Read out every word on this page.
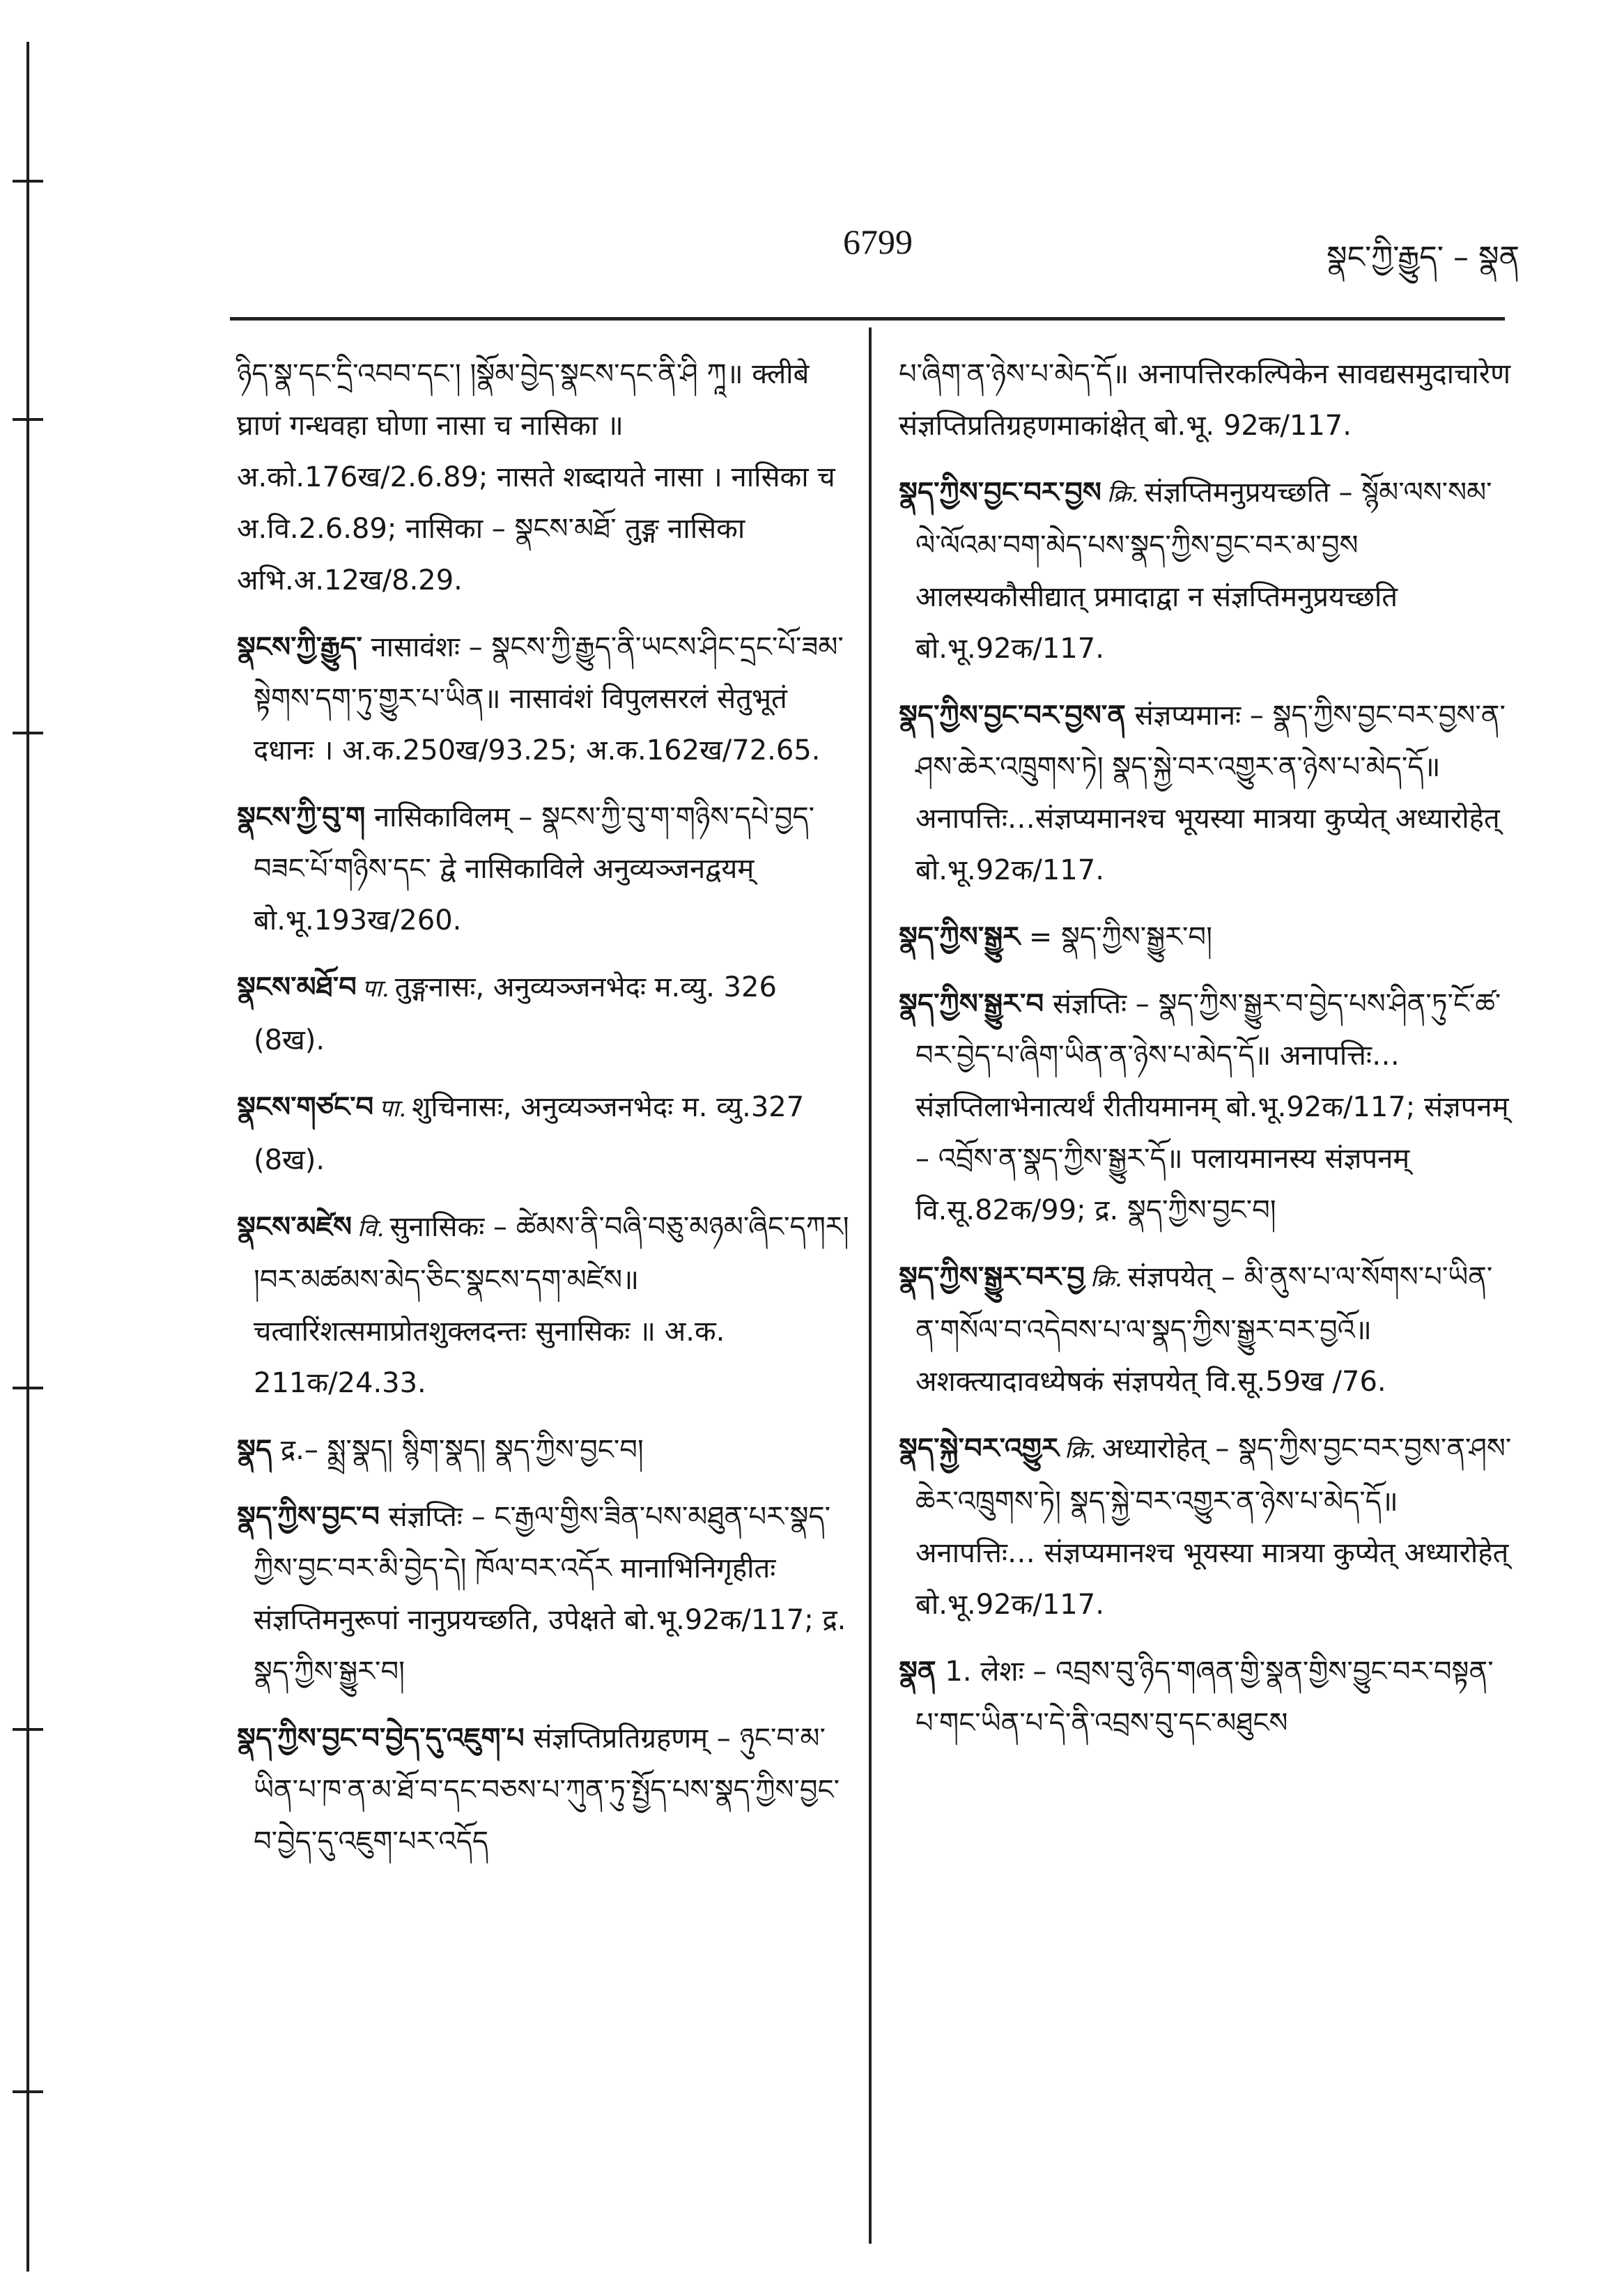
6799	སྣང་ཀྱི་རྒྱུད་ – སྣན

ཉིད་སྣ་དང་དྲི་འབབ་དང་། །སྣོམ་བྱེད་སྣངས་དང་ནི་ཤི ཀཱ॥ क्लीबे घ्राणं गन्धवहा घोणा नासा च नासिका ॥ अ.को.176ख/2.6.89; नासते शब्दायते नासा । नासिका च अ.वि.2.6.89; नासिका – སྣངས་མཐོ་ तुङ्ग नासिका अभि.अ.12ख/8.29.

སྣངས་ཀྱི་རྒྱུད་ नासावंशः – སྣངས་ཀྱི་རྒྱུད་ནི་ཡངས་ཤིང་དྲང་པོ་ཟམ་སྟེགས་དག་ཏུ་གྱུར་པ་ཡིན॥ नासावंशं विपुलसरलं सेतुभूतं दधानः । अ.क.250ख/93.25; अ.क.162ख/72.65.

སྣངས་ཀྱི་བུ་ག नासिकाविलम् – སྣངས་ཀྱི་བུ་ག་གཉིས་དཔེ་བྱད་བཟང་པོ་གཉིས་དང་ द्वे नासिकाविले अनुव्यञ्जनद्वयम् बो.भू.193ख/260.

སྣངས་མཐོ་བ पा. तुङ्गनासः, अनुव्यञ्जनभेदः म.व्यु. 326 (8ख).

སྣངས་གཙང་བ पा. शुचिनासः, अनुव्यञ्जनभेदः म. व्यु.327 (8ख).

སྣངས་མཛེས वि. सुनासिकः – ཚེམས་ནི་བཞི་བཅུ་མཉམ་ཞིང་དཀར། །བར་མཚམས་མེད་ཅིང་སྣངས་དག་མཛེས॥ चत्वारिंशत्समाप्रोतशुक्लदन्तः सुनासिकः ॥ अ.क. 211क/24.33.

སྣད द्र.– སྨྲ་སྣད། སྙིག་སྣད། སྣད་ཀྱིས་བྱང་བ།

སྣད་ཀྱིས་བྱང་བ संज्ञप्तिः – ང་རྒྱལ་གྱིས་ཟིན་པས་མཐུན་པར་སྣད་ཀྱིས་བྱང་བར་མི་བྱེད་དེ། ཁོལ་བར་འདོར मानाभिनिगृहीतः संज्ञप्तिमनुरूपां नानुप्रयच्छति, उपेक्षते बो.भू.92क/117; द्र. སྣད་ཀྱིས་སྒྱུར་བ།

སྣད་ཀྱིས་བྱང་བ་བྱེད་དུ་འཇུག་པ संज्ञप्तिप्रतिग्रहणम् – ཉུང་བ་མ་ཡིན་པ་ཁ་ན་མ་ཐོ་བ་དང་བཅས་པ་ཀུན་ཏུ་སྤྱོད་པས་སྣད་ཀྱིས་བྱང་བ་བྱེད་དུ་འཇུག་པར་འདོད

པ་ཞིག་ན་ཉེས་པ་མེད་དོ॥ अनापत्तिरकल्पिकेन सावद्यसमुदाचारेण संज्ञप्तिप्रतिग्रहणमाकांक्षेत् बो.भू. 92क/117.

སྣད་ཀྱིས་བྱང་བར་བྱས क्रि. संज्ञप्तिमनुप्रयच्छति – སྙོམ་ལས་སམ་ལེ་ལོའམ་བག་མེད་པས་སྣད་ཀྱིས་བྱང་བར་མ་བྱས आलस्यकौसीद्यात् प्रमादाद्वा न संज्ञप्तिमनुप्रयच्छति बो.भू.92क/117.

སྣད་ཀྱིས་བྱང་བར་བྱས་ན संज्ञप्यमानः – སྣད་ཀྱིས་བྱང་བར་བྱས་ན་ཤས་ཆེར་འཁྲུགས་ཏེ། སྣད་སྐྱེ་བར་འགྱུར་ན་ཉེས་པ་མེད་དོ॥ अनापत्तिः…संज्ञप्यमानश्च भूयस्या मात्रया कुप्येत् अध्यारोहेत् बो.भू.92क/117.

སྣད་ཀྱིས་སྒྱུར = སྣད་ཀྱིས་སྒྱུར་བ།

སྣད་ཀྱིས་སྒྱུར་བ संज्ञप्तिः – སྣད་ཀྱིས་སྒྱུར་བ་བྱེད་པས་ཤིན་ཏུ་ངོ་ཚ་བར་བྱེད་པ་ཞིག་ཡིན་ན་ཉེས་པ་མེད་དོ॥ अनापत्तिः… संज्ञप्तिलाभेनात्यर्थं रीतीयमानम् बो.भू.92क/117; संज्ञपनम् – འབྲོས་ན་སྣད་ཀྱིས་སྒྱུར་དོ॥ पलायमानस्य संज्ञपनम् वि.सू.82क/99; द्र. སྣད་ཀྱིས་བྱང་བ།

སྣད་ཀྱིས་སྒྱུར་བར་བྱ क्रि. संज्ञपयेत् – མི་ནུས་པ་ལ་སོགས་པ་ཡིན་ན་གསོལ་བ་འདེབས་པ་ལ་སྣད་ཀྱིས་སྒྱུར་བར་བྱའོ॥ अशक्त्यादावध्येषकं संज्ञपयेत् वि.सू.59ख /76.

སྣད་སྐྱེ་བར་འགྱུར क्रि. अध्यारोहेत् – སྣད་ཀྱིས་བྱང་བར་བྱས་ན་ཤས་ཆེར་འཁྲུགས་ཏེ། སྣད་སྐྱེ་བར་འགྱུར་ན་ཉེས་པ་མེད་དོ॥ अनापत्तिः… संज्ञप्यमानश्च भूयस्या मात्रया कुप्येत् अध्यारोहेत् बो.भू.92क/117.

སྣན 1. लेशः – འབྲས་བུ་ཉིད་གཞན་གྱི་སྣན་གྱིས་བྱུང་བར་བསྟན་པ་གང་ཡིན་པ་དེ་ནི་འབྲས་བུ་དང་མཐུངས
